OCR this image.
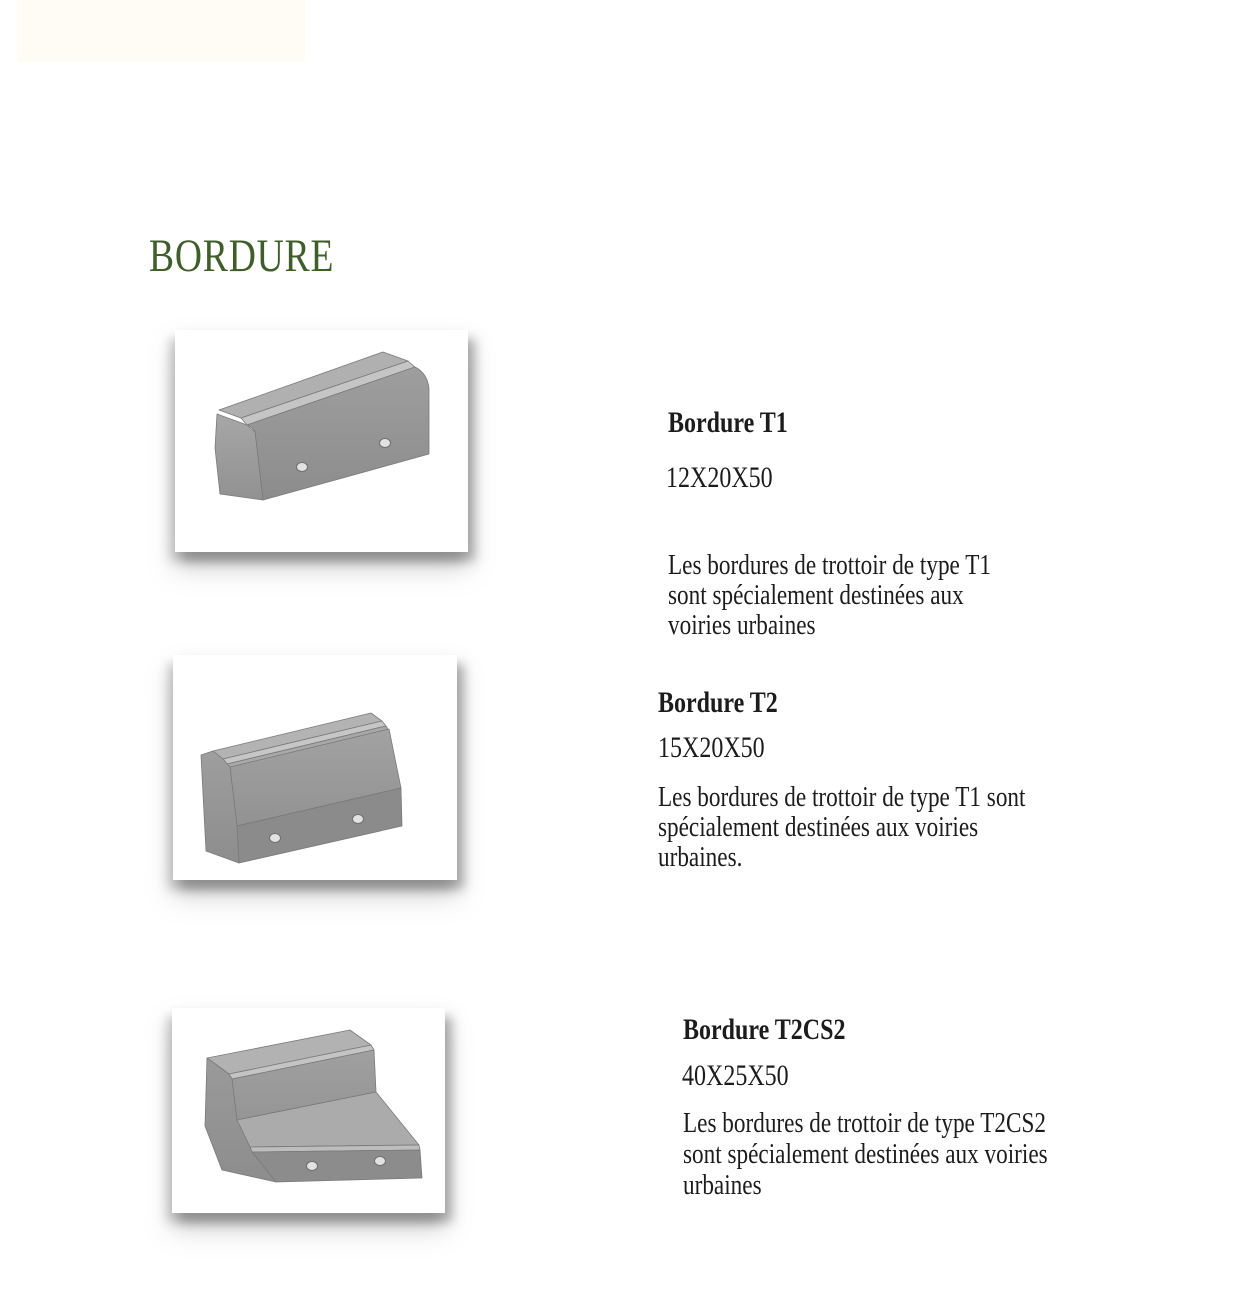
BORDURE
Bordure T1
12X20X50
Les bordures de trottoir de type T1
sont spécialement destinées aux
voiries urbaines
Bordure T2
15X20X50
Les bordures de trottoir de type T1 sont
spécialement destinées aux voiries
urbaines.
Bordure T2CS2
40X25X50
Les bordures de trottoir de type T2CS2
sont spécialement destinées aux voiries
urbaines
